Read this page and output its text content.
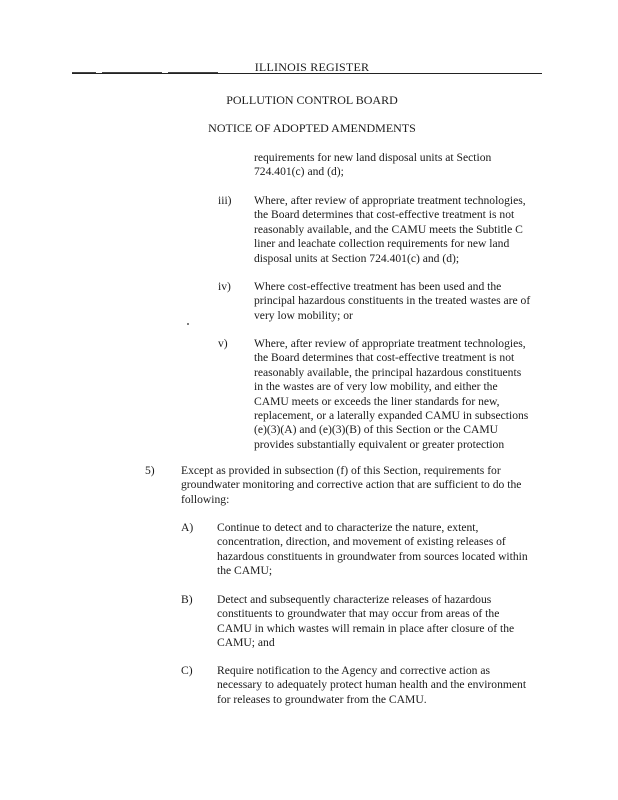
ILLINOIS REGISTER
POLLUTION CONTROL BOARD
NOTICE OF ADOPTED AMENDMENTS
requirements for new land disposal units at Section
724.401(c) and (d);
iii) Where, after review of appropriate treatment technologies,
the Board determines that cost-effective treatment is not
reasonably available, and the CAMU meets the Subtitle C
liner and leachate collection requirements for new land
disposal units at Section 724.401(c) and (d);
iv) Where cost-effective treatment has been used and the
principal hazardous constituents in the treated wastes are of
very low mobility; or
v) Where, after review of appropriate treatment technologies,
the Board determines that cost-effective treatment is not
reasonably available, the principal hazardous constituents
in the wastes are of very low mobility, and either the
CAMU meets or exceeds the liner standards for new,
replacement, or a laterally expanded CAMU in subsections
(e)(3)(A) and (e)(3)(B) of this Section or the CAMU
provides substantially equivalent or greater protection
5) Except as provided in subsection (f) of this Section, requirements for
groundwater monitoring and corrective action that are sufficient to do the
following:
A) Continue to detect and to characterize the nature, extent,
concentration, direction, and movement of existing releases of
hazardous constituents in groundwater from sources located within
the CAMU;
B) Detect and subsequently characterize releases of hazardous
constituents to groundwater that may occur from areas of the
CAMU in which wastes will remain in place after closure of the
CAMU; and
C) Require notification to the Agency and corrective action as
necessary to adequately protect human health and the environment
for releases to groundwater from the CAMU.
